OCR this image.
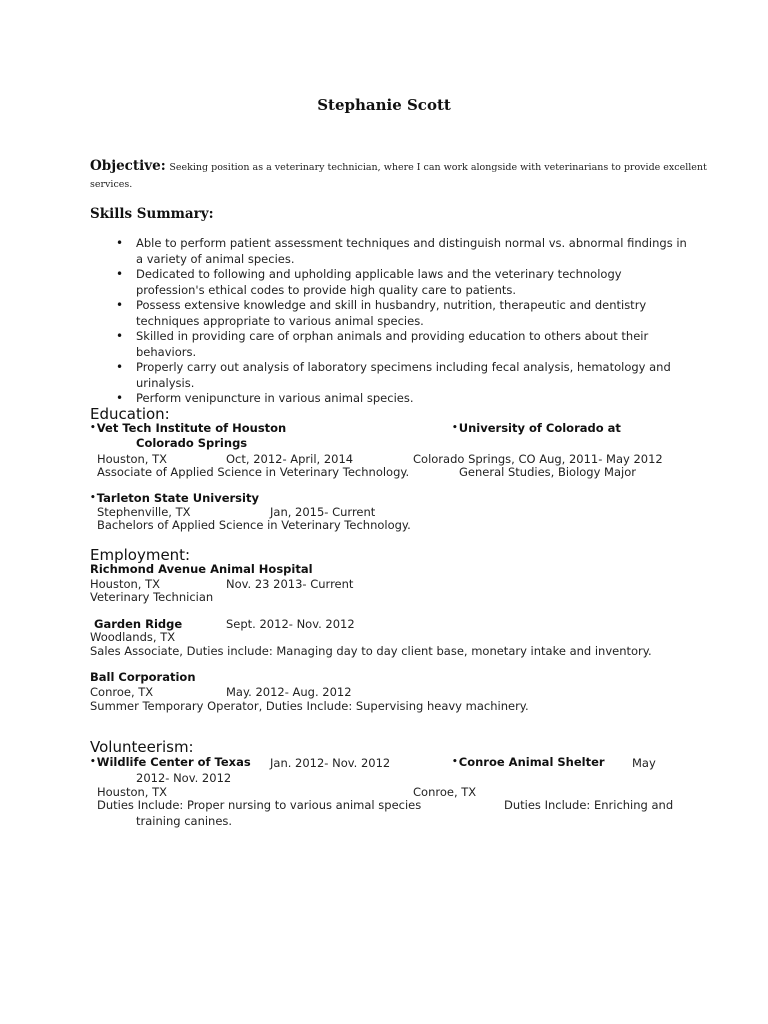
Stephanie Scott
Objective: Seeking position as a veterinary technician, where I can work alongside with veterinarians to provide excellent
services.
Skills Summary:
• Able to perform patient assessment techniques and distinguish normal vs. abnormal findings in
a variety of animal species.
• Dedicated to following and upholding applicable laws and the veterinary technology
profession's ethical codes to provide high quality care to patients.
• Possess extensive knowledge and skill in husbandry, nutrition, therapeutic and dentistry
techniques appropriate to various animal species.
• Skilled in providing care of orphan animals and providing education to others about their
behaviors.
• Properly carry out analysis of laboratory specimens including fecal analysis, hematology and
urinalysis.
• Perform venipuncture in various animal species.
Education:
•Vet Tech Institute of Houston	•University of Colorado at
Colorado Springs
Houston, TX	Oct, 2012- April, 2014	Colorado Springs, CO Aug, 2011- May 2012
Associate of Applied Science in Veterinary Technology.	General Studies, Biology Major
•Tarleton State University
Stephenville, TX	Jan, 2015- Current
Bachelors of Applied Science in Veterinary Technology.
Employment:
Richmond Avenue Animal Hospital
Houston, TX	Nov. 23 2013- Current
Veterinary Technician
Garden Ridge	Sept. 2012- Nov. 2012
Woodlands, TX
Sales Associate, Duties include: Managing day to day client base, monetary intake and inventory.
Ball Corporation
Conroe, TX	May. 2012- Aug. 2012
Summer Temporary Operator, Duties Include: Supervising heavy machinery.
Volunteerism:
•Wildlife Center of Texas Jan. 2012- Nov. 2012	•Conroe Animal Shelter May
2012- Nov. 2012
Houston, TX	Conroe, TX
Duties Include: Proper nursing to various animal species	Duties Include: Enriching and
training canines.
